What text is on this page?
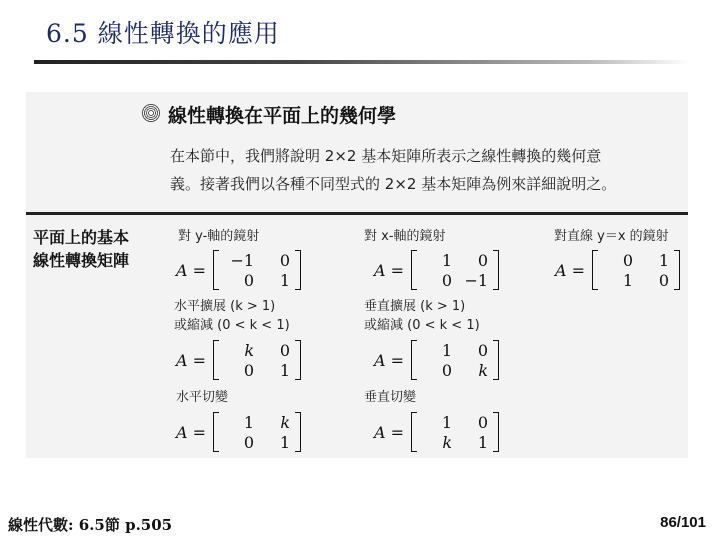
6.5 線性轉換的應用
線性轉換在平面上的幾何學
在本節中，我們將說明 2×2 基本矩陣所表示之線性轉換的幾何意
義。接著我們以各種不同型式的 2×2 基本矩陣為例來詳細說明之。
平面上的基本
線性轉換矩陣
對 y-軸的鏡射
A =
−1	0
0	1
對 x-軸的鏡射
A =
1	0
0	−1
對直線 y＝x 的鏡射
A =
0	1
1	0
水平擴展 (k > 1)
或縮減 (0 < k < 1)
A =
k	0
0	1
垂直擴展 (k > 1)
或縮減 (0 < k < 1)
A =
1	0
0	k
水平切變
A =
1	k
0	1
垂直切變
A =
1	0
k	1
線性代數: 6.5節 p.505	86/101
